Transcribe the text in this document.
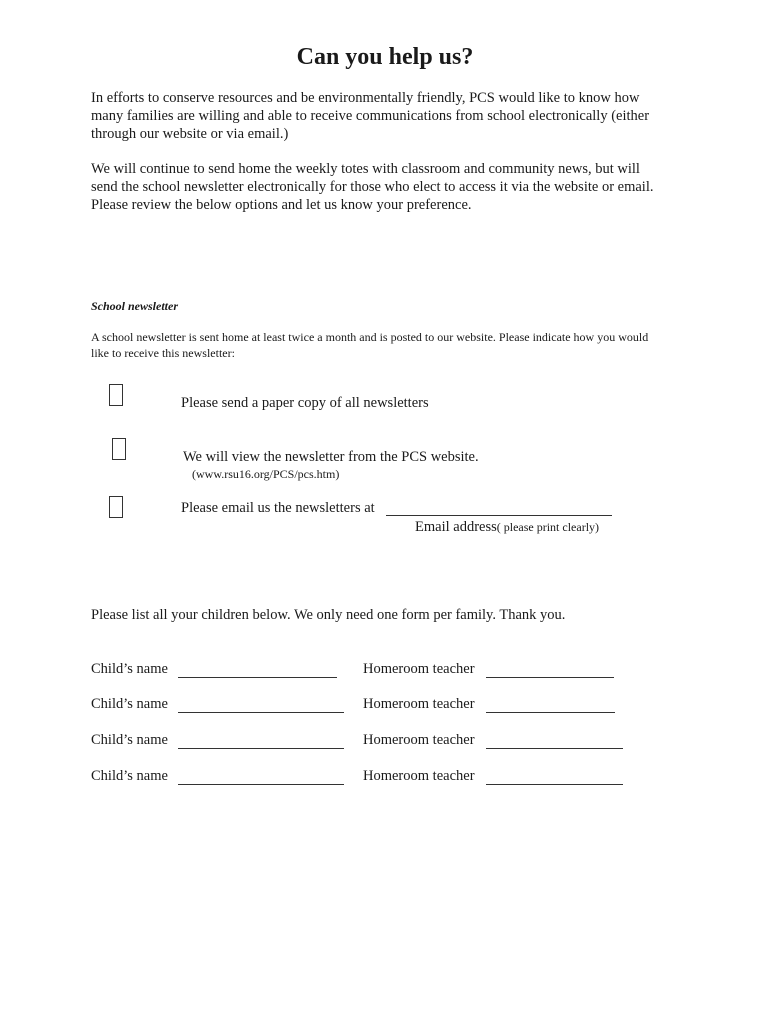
Can you help us?
In efforts to conserve resources and be environmentally friendly, PCS would like to know how
many families are willing and able to receive communications from school electronically (either
through our website or via email.)
We will continue to send home the weekly totes with classroom and community news, but will
send the school newsletter electronically for those who elect to access it via the website or email.
Please review the below options and let us know your preference.
School newsletter
A school newsletter is sent home at least twice a month and is posted to our website. Please indicate how you would
like to receive this newsletter:
Please send a paper copy of all newsletters
We will view the newsletter from the PCS website.
(www.rsu16.org/PCS/pcs.htm)
Please email us the newsletters at
Email address( please print clearly)
Please list all your children below. We only need one form per family. Thank you.
Child’s name	Homeroom teacher
Child’s name	Homeroom teacher
Child’s name	Homeroom teacher
Child’s name	Homeroom teacher
